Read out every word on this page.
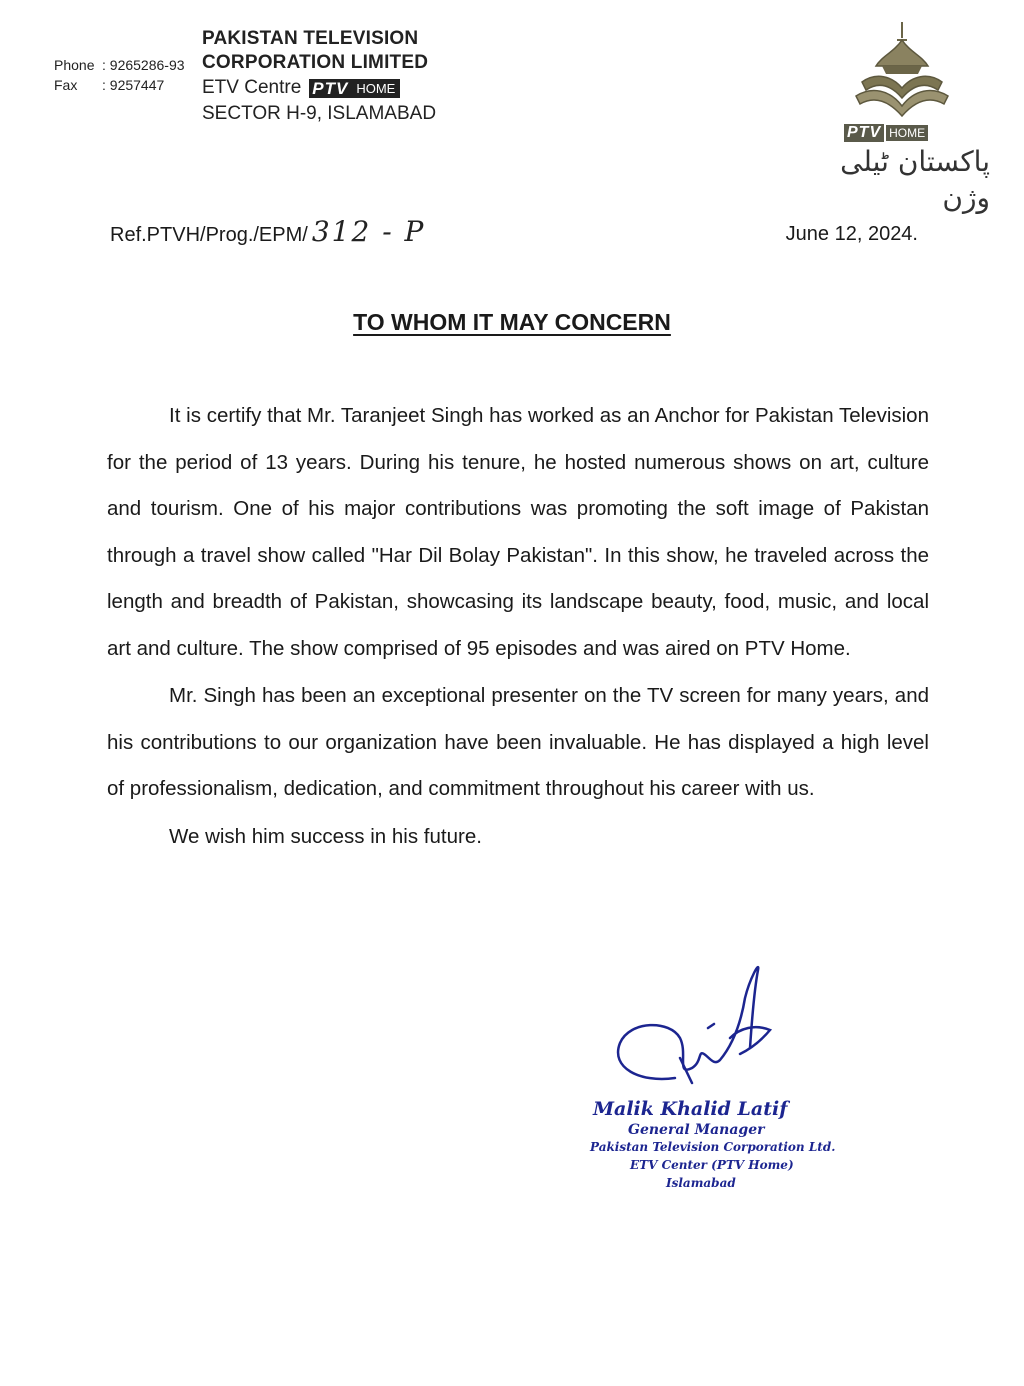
Phone : 9265286-93
Fax : 9257447
PAKISTAN TELEVISION
CORPORATION LIMITED
ETV Centre PTV HOME
SECTOR H-9, ISLAMABAD
PTV HOME
پاکستان ٹیلی وژن
Ref.PTVH/Prog./EPM/ 312 - P	June 12, 2024.
TO WHOM IT MAY CONCERN

It is certify that Mr. Taranjeet Singh has worked as an Anchor for Pakistan Television for the period of 13 years. During his tenure, he hosted numerous shows on art, culture and tourism. One of his major contributions was promoting the soft image of Pakistan through a travel show called "Har Dil Bolay Pakistan". In this show, he traveled across the length and breadth of Pakistan, showcasing its landscape beauty, food, music, and local art and culture. The show comprised of 95 episodes and was aired on PTV Home.

Mr. Singh has been an exceptional presenter on the TV screen for many years, and his contributions to our organization have been invaluable. He has displayed a high level of professionalism, dedication, and commitment throughout his career with us.

We wish him success in his future.

Malik Khalid Latif
General Manager
Pakistan Television Corporation Ltd.
ETV Center (PTV Home)
Islamabad
